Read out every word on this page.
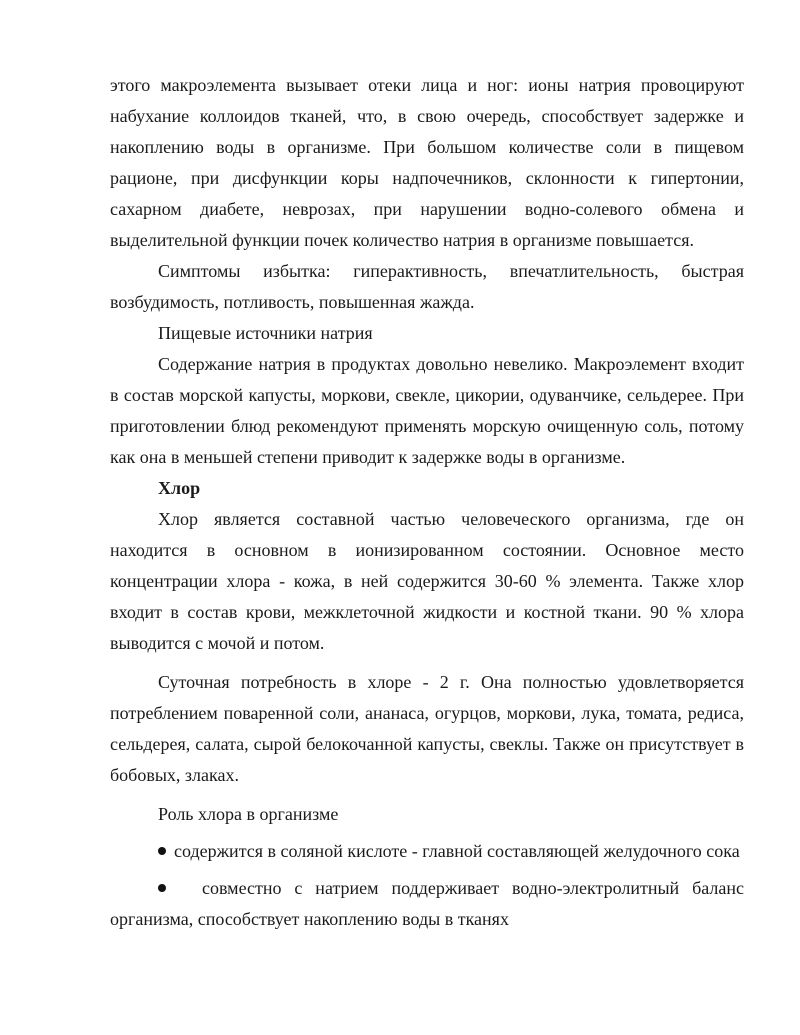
этого макроэлемента вызывает отеки лица и ног: ионы натрия провоцируют набухание коллоидов тканей, что, в свою очередь, способствует задержке и накоплению воды в организме. При большом количестве соли в пищевом рационе, при дисфункции коры надпочечников, склонности к гипертонии, сахарном диабете, неврозах, при нарушении водно-солевого обмена и выделительной функции почек количество натрия в организме повышается.

Симптомы избытка: гиперактивность, впечатлительность, быстрая возбудимость, потливость, повышенная жажда.

Пищевые источники натрия

Содержание натрия в продуктах довольно невелико. Макроэлемент входит в состав морской капусты, моркови, свекле, цикории, одуванчике, сельдерее. При приготовлении блюд рекомендуют применять морскую очищенную соль, потому как она в меньшей степени приводит к задержке воды в организме.

Хлор

Хлор является составной частью человеческого организма, где он находится в основном в ионизированном состоянии. Основное место концентрации хлора - кожа, в ней содержится 30-60 % элемента. Также хлор входит в состав крови, межклеточной жидкости и костной ткани. 90 % хлора выводится с мочой и потом.

Суточная потребность в хлоре - 2 г. Она полностью удовлетворяется потреблением поваренной соли, ананаса, огурцов, моркови, лука, томата, редиса, сельдерея, салата, сырой белокочанной капусты, свеклы. Также он присутствует в бобовых, злаках.

Роль хлора в организме

содержится в соляной кислоте - главной составляющей желудочного сока

совместно с натрием поддерживает водно-электролитный баланс организма, способствует накоплению воды в тканях
